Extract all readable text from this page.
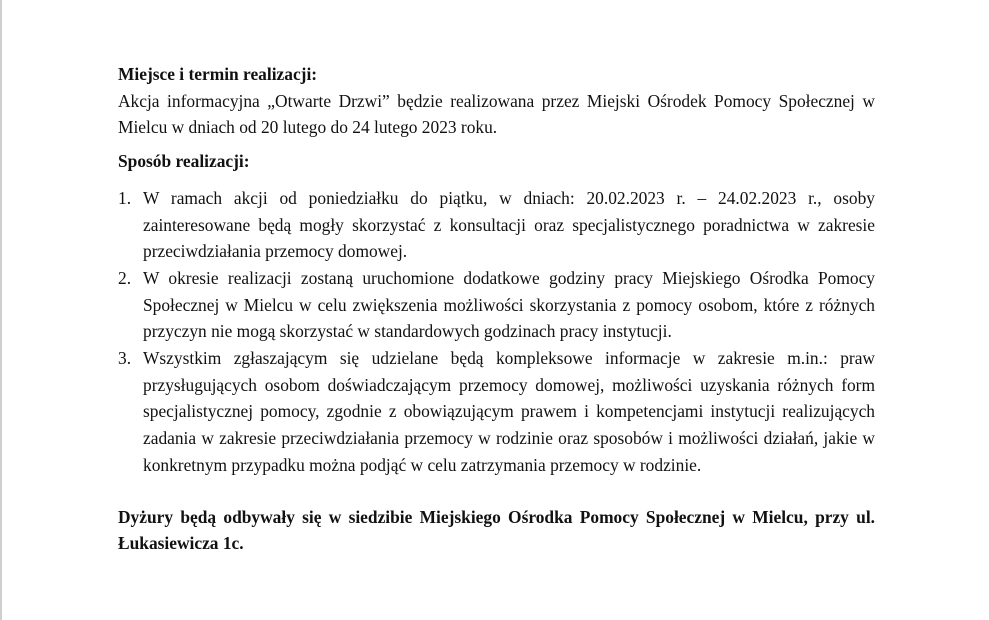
Miejsce i termin realizacji:

Akcja informacyjna „Otwarte Drzwi” będzie realizowana przez Miejski Ośrodek Pomocy Społecznej w Mielcu w dniach od 20 lutego do 24 lutego 2023 roku.

Sposób realizacji:

1. W ramach akcji od poniedziałku do piątku, w dniach: 20.02.2023 r. – 24.02.2023 r., osoby zainteresowane będą mogły skorzystać z konsultacji oraz specjalistycznego poradnictwa w zakresie przeciwdziałania przemocy domowej.
2. W okresie realizacji zostaną uruchomione dodatkowe godziny pracy Miejskiego Ośrodka Pomocy Społecznej w Mielcu w celu zwiększenia możliwości skorzystania z pomocy osobom, które z różnych przyczyn nie mogą skorzystać w standardowych godzinach pracy instytucji.
3. Wszystkim zgłaszającym się udzielane będą kompleksowe informacje w zakresie m.in.: praw przysługujących osobom doświadczającym przemocy domowej, możliwości uzyskania różnych form specjalistycznej pomocy, zgodnie z obowiązującym prawem i kompetencjami instytucji realizujących zadania w zakresie przeciwdziałania przemocy w rodzinie oraz sposobów i możliwości działań, jakie w konkretnym przypadku można podjąć w celu zatrzymania przemocy w rodzinie.

Dyżury będą odbywały się w siedzibie Miejskiego Ośrodka Pomocy Społecznej w Mielcu, przy ul. Łukasiewicza 1c.
